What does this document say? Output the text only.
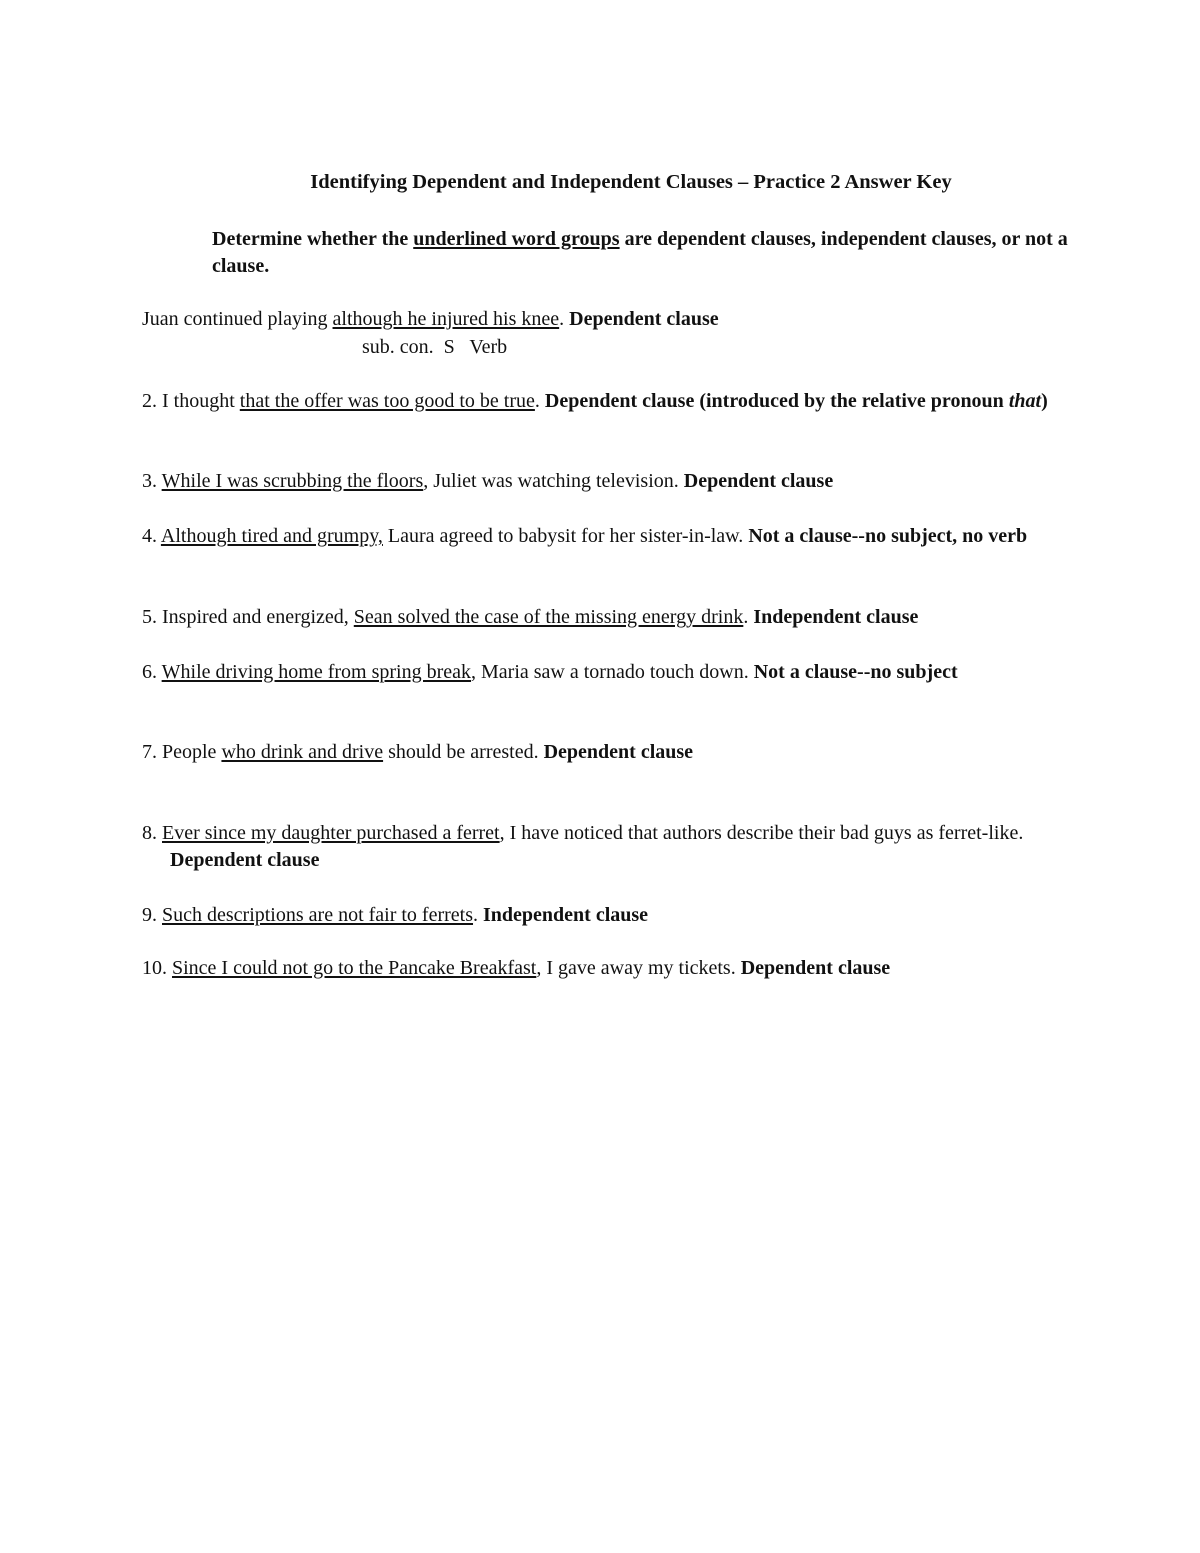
Identifying Dependent and Independent Clauses – Practice 2 Answer Key
Determine whether the underlined word groups are dependent clauses, independent clauses, or not a clause.
Juan continued playing although he injured his knee. Dependent clause
sub. con.  S   Verb
2. I thought that the offer was too good to be true. Dependent clause (introduced by the relative pronoun that)
3. While I was scrubbing the floors, Juliet was watching television. Dependent clause
4. Although tired and grumpy, Laura agreed to babysit for her sister-in-law. Not a clause--no subject, no verb
5. Inspired and energized, Sean solved the case of the missing energy drink. Independent clause
6. While driving home from spring break, Maria saw a tornado touch down. Not a clause--no subject
7. People who drink and drive should be arrested. Dependent clause
8. Ever since my daughter purchased a ferret, I have noticed that authors describe their bad guys as ferret-like. Dependent clause
9. Such descriptions are not fair to ferrets. Independent clause
10. Since I could not go to the Pancake Breakfast, I gave away my tickets. Dependent clause
